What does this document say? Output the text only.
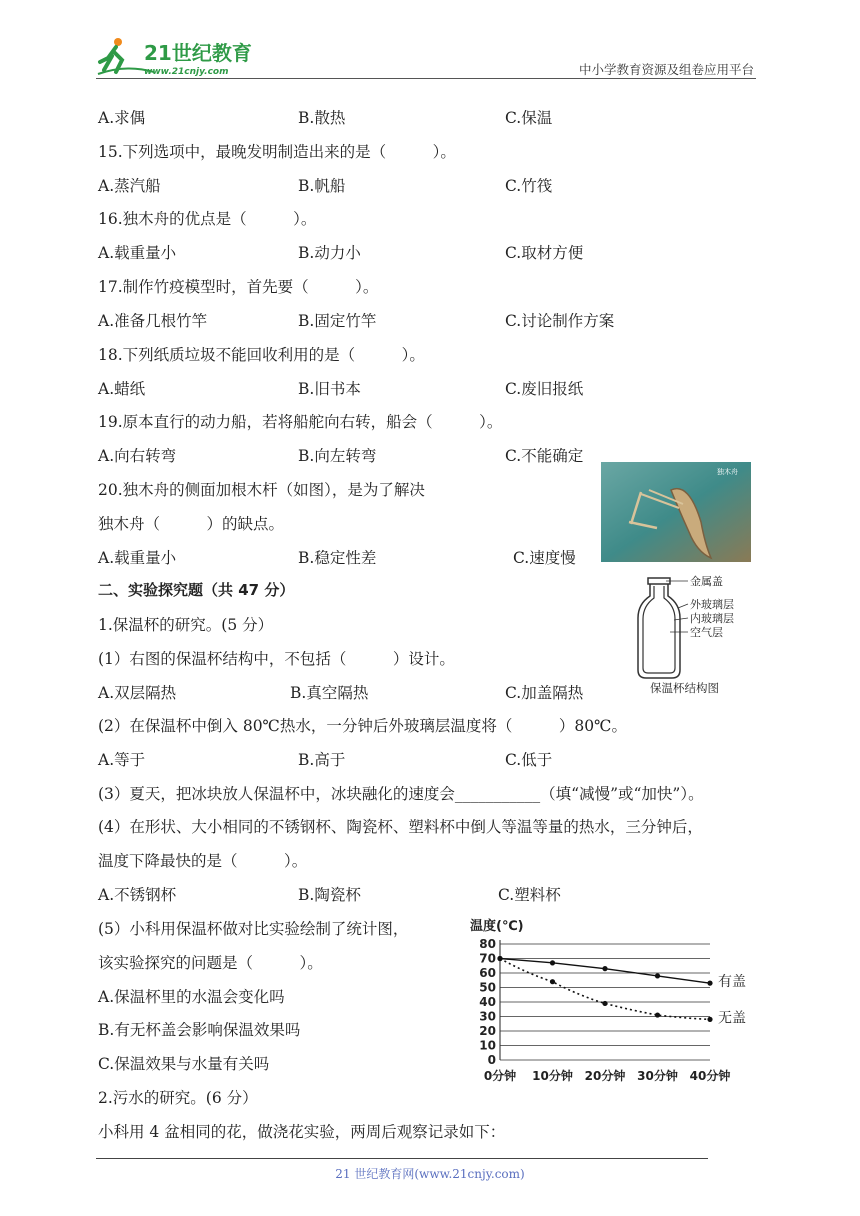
21世纪教育
www.21cnjy.com	中小学教育资源及组卷应用平台
A.求偶	B.散热	C.保温
15.下列选项中，最晚发明制造出来的是（　　　）。
A.蒸汽船	B.帆船	C.竹筏
16.独木舟的优点是（　　　）。
A.载重量小	B.动力小	C.取材方便
17.制作竹疫模型时，首先要（　　　）。
A.准备几根竹竿	B.固定竹竿	C.讨论制作方案
18.下列纸质垃圾不能回收利用的是（　　　）。
A.蜡纸	B.旧书本	C.废旧报纸
19.原本直行的动力船，若将船舵向右转，船会（　　　）。
A.向右转弯	B.向左转弯	C.不能确定
20.独木舟的侧面加根木杆（如图），是为了解决
独木舟（　　　）的缺点。
A.载重量小	B.稳定性差	C.速度慢
独木舟
二、实验探究题（共 47 分）	金属盖
外玻璃层
内玻璃层
空气层
保温杯结构图
1.保温杯的研究。(5 分）
(1）右图的保温杯结构中，不包括（　　　）设计。
A.双层隔热	B.真空隔热	C.加盖隔热
(2）在保温杯中倒入 80℃热水，一分钟后外玻璃层温度将（　　　）80℃。
A.等于	B.高于	C.低于
(3）夏天，把冰块放人保温杯中，冰块融化的速度会___________（填“减慢”或“加快”）。
(4）在形状、大小相同的不锈钢杯、陶瓷杯、塑料杯中倒人等温等量的热水，三分钟后，
温度下降最快的是（　　　）。
A.不锈钢杯	B.陶瓷杯	C.塑料杯
(5）小科用保温杯做对比实验绘制了统计图，
该实验探究的问题是（　　　）。
A.保温杯里的水温会变化吗
B.有无杯盖会影响保温效果吗
C.保温效果与水量有关吗
温度(℃)
0
10
20
30
40
50
60
70
80
0分钟 10分钟 20分钟 30分钟 40分钟
有盖
无盖
2.污水的研究。(6 分）
小科用 4 盆相同的花，做浇花实验，两周后观察记录如下：
21 世纪教育网(www.21cnjy.com)
